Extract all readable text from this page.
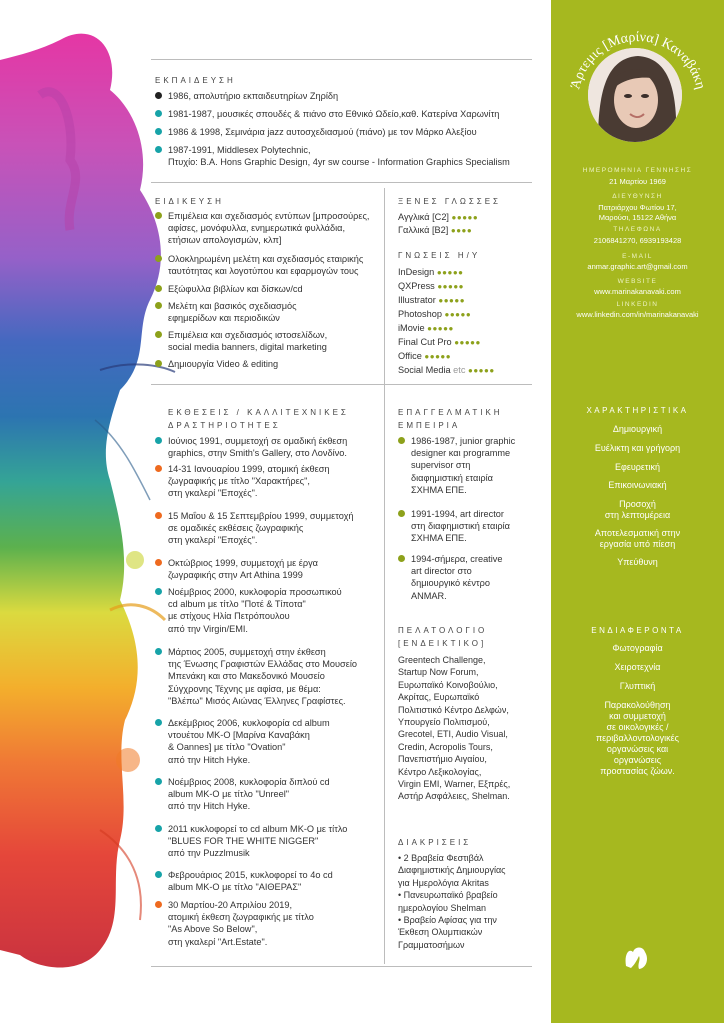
Άρτεμις [Μαρίνα] Καναβάκη
ΗΜΕΡΟΜΗΝΙΑ ΓΕΝΝΗΣΗΣ
21 Μαρτίου 1969
ΔΙΕΥΘΥΝΣΗ
Πατριάρχου Φωτίου 17,
Μαρούσι, 15122 Αθήνα
ΤΗΛΕΦΩΝΑ
2106841270, 6939193428
E-MAIL
anmar.graphic.art@gmail.com
WEBSITE
www.marinakanavaki.com
LINKEDIN
www.linkedin.com/in/marinakanavaki
ΧΑΡΑΚΤΗΡΙΣΤΙΚΑ
Δημιουργική
Ευέλικτη και γρήγορη
Εφευρετική
Επικοινωνιακή
Προσοχή
στη λεπτομέρεια
Αποτελεσματική στην
εργασία υπό πίεση
Υπεύθυνη
ΕΝΔΙΑΦΕΡΟΝΤΑ
Φωτογραφία
Χειροτεχνία
Γλυπτική
Παρακολούθηση
και συμμετοχή
σε οικολογικές /
περιβαλλοντολογικές
οργανώσεις και
οργανώσεις
προστασίας ζώων.
ΕΚΠΑΙΔΕΥΣΗ
1986, απολυτήριο εκπαιδευτηρίων Ζηρίδη
1981-1987, μουσικές σπουδές & πιάνο στο Εθνικό Ωδείο,καθ. Κατερίνα Χαρωνίτη
1986 & 1998, Σεμινάρια jazz αυτοσχεδιασμού (πιάνο) με τον Μάρκο Αλεξίου
1987-1991, Middlesex Polytechnic,
Πτυχίο: B.A. Hons Graphic Design, 4yr sw course - Information Graphics Specialism
ΕΙΔΙΚΕΥΣΗ
Επιμέλεια και σχεδιασμός εντύπων [μπροσούρες,
αφίσες, μονόφυλλα, ενημερωτικά φυλλάδια,
ετήσιων απολογισμών, κλπ]
Ολοκληρωμένη μελέτη και σχεδιασμός εταιρικής
ταυτότητας και λογοτύπου και εφαρμογών τους
Εξώφυλλα βιβλίων και δίσκων/cd
Μελέτη και βασικός σχεδιασμός
εφημερίδων και περιοδικών
Επιμέλεια και σχεδιασμός ιστοσελίδων,
social media banners, digital marketing
Δημιουργία Video & editing
ΞΕΝΕΣ ΓΛΩΣΣΕΣ
Αγγλικά [C2] ●●●●●
Γαλλικά [B2] ●●●●
ΓΝΩΣΕΙΣ Η/Υ
InDesign ●●●●●
QXPress ●●●●●
Illustrator ●●●●●
Photoshop ●●●●●
iMovie ●●●●●
Final Cut Pro ●●●●●
Office ●●●●●
Social Media etc ●●●●●
ΕΚΘΕΣΕΙΣ / ΚΑΛΛΙΤΕΧΝΙΚΕΣ
ΔΡΑΣΤΗΡΙΟΤΗΤΕΣ
Ιούνιος 1991, συμμετοχή σε ομαδική έκθεση
graphics, στην Smith's Gallery, στο Λονδίνο.
14-31 Ιανουαρίου 1999, ατομική έκθεση
ζωγραφικής με τίτλο "Χαρακτήρες",
στη γκαλερί "Εποχές".
15 Μαΐου & 15 Σεπτεμβρίου 1999, συμμετοχή
σε ομαδικές εκθέσεις ζωγραφικής
στη γκαλερί "Εποχές".
Οκτώβριος 1999, συμμετοχή με έργα
ζωγραφικής στην Art Athina 1999
Νοέμβριος 2000, κυκλοφορία προσωπικού
cd album με τίτλο "Ποτέ & Τίποτα"
με στίχους Ηλία Πετρόπουλου
από την Virgin/EMI.
Μάρτιος 2005, συμμετοχή στην έκθεση
της Ένωσης Γραφιστών Ελλάδας στο Μουσείο
Μπενάκη και στο Μακεδονικό Μουσείο
Σύγχρονης Τέχνης με αφίσα, με θέμα:
"Βλέπω" Μισός Αιώνας Έλληνες Γραφίστες.
Δεκέμβριος 2006, κυκλοφορία cd album
ντουέτου ΜΚ-Ο [Μαρίνα Καναβάκη
& Oannes] με τίτλο "Ovation"
από την Hitch Hyke.
Νοέμβριος 2008, κυκλοφορία διπλού cd
album ΜΚ-Ο με τίτλο "Unreel"
από την Hitch Hyke.
2011 κυκλοφορεί το cd album ΜΚ-Ο με τίτλο
"BLUES FOR THE WHITE NIGGER"
από την Puzzlmusik
Φεβρουάριος 2015, κυκλοφορεί το 4ο cd
album ΜΚ-Ο με τίτλο "ΑΙΘΕΡΑΣ"
30 Μαρτίου-20 Απριλίου 2019,
ατομική έκθεση ζωγραφικής με τίτλο
"As Above So Below",
στη γκαλερί "Art.Estate".
ΕΠΑΓΓΕΛΜΑΤΙΚΗ
ΕΜΠΕΙΡΙΑ
1986-1987, junior graphic
designer και programme
supervisor στη
διαφημιστική εταιρία
ΣΧΗΜΑ ΕΠΕ.
1991-1994, art director
στη διαφημιστική εταιρία
ΣΧΗΜΑ ΕΠΕ.
1994-σήμερα, creative
art director στο
δημιουργικό κέντρο
ANMAR.
ΠΕΛΑΤΟΛΟΓΙΟ
[ΕΝΔΕΙΚΤΙΚΟ]
Greentech Challenge,
Startup Now Forum,
Ευρωπαϊκό Κοινοβούλιο,
Ακρίτας, Ευρωπαϊκό
Πολιτιστικό Κέντρο Δελφών,
Υπουργείο Πολιτισμού,
Grecotel, ETI, Audio Visual,
Credin, Acropolis Tours,
Πανεπιστήμιο Αιγαίου,
Κέντρο Λεξικολογίας,
Virgin EMI, Warner, Εξπρές,
Αστήρ Ασφάλειες, Shelman.
ΔΙΑΚΡΙΣΕΙΣ
• 2 Βραβεία Φεστιβάλ
Διαφημιστικής Δημιουργίας
για Ημερολόγια Akritas
• Πανευρωπαϊκό βραβείο
ημερολογίου Shelman
• Βραβείο Αφίσας για την
Έκθεση Ολυμπιακών
Γραμματοσήμων
